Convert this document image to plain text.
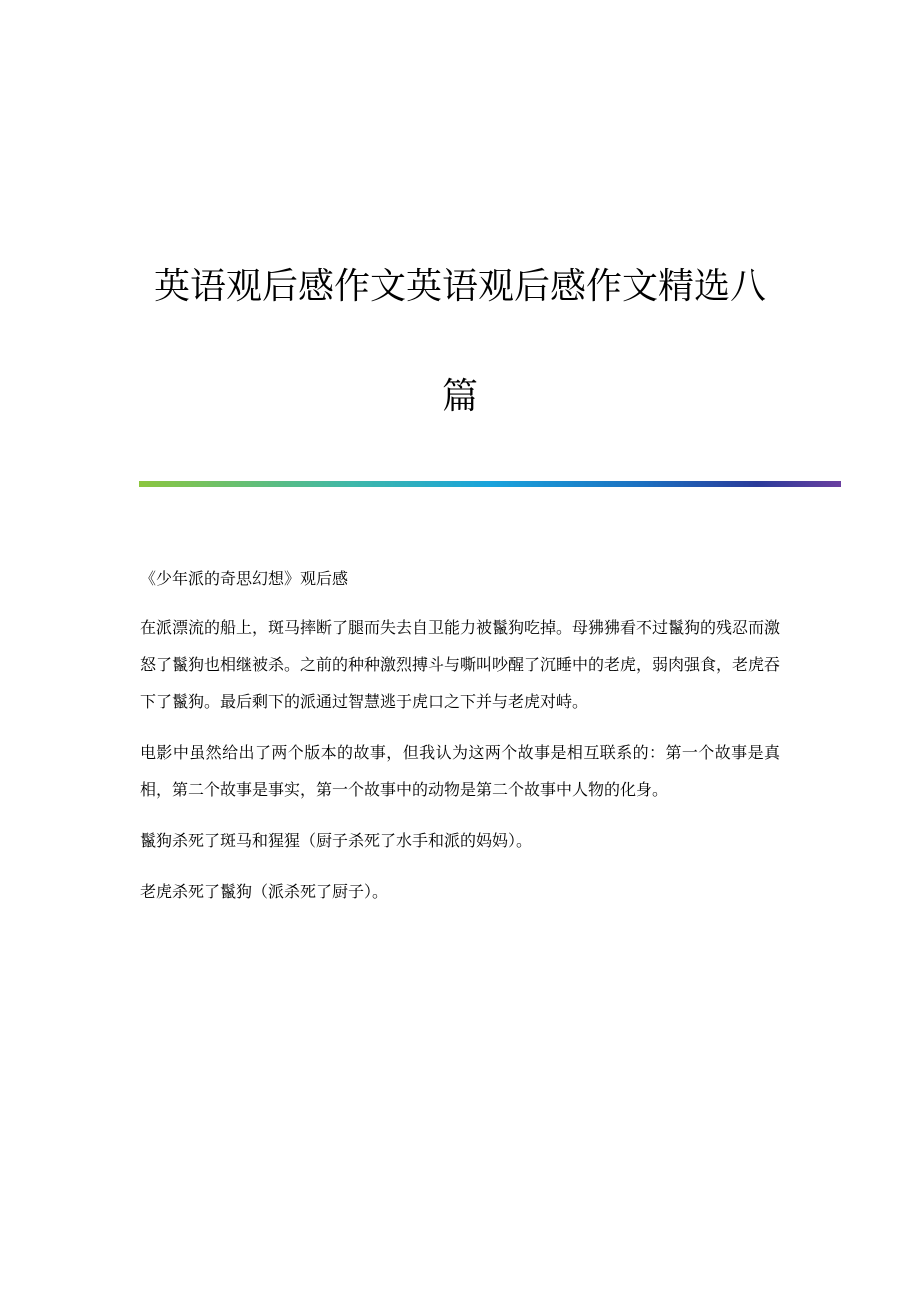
英语观后感作文英语观后感作文精选八
篇

《少年派的奇思幻想》观后感

在派漂流的船上，斑马摔断了腿而失去自卫能力被鬣狗吃掉。母狒狒看不过鬣狗的残忍而激怒了鬣狗也相继被杀。之前的种种激烈搏斗与嘶叫吵醒了沉睡中的老虎，弱肉强食，老虎吞下了鬣狗。最后剩下的派通过智慧逃于虎口之下并与老虎对峙。

电影中虽然给出了两个版本的故事，但我认为这两个故事是相互联系的：第一个故事是真相，第二个故事是事实，第一个故事中的动物是第二个故事中人物的化身。

鬣狗杀死了斑马和猩猩（厨子杀死了水手和派的妈妈）。

老虎杀死了鬣狗（派杀死了厨子）。
